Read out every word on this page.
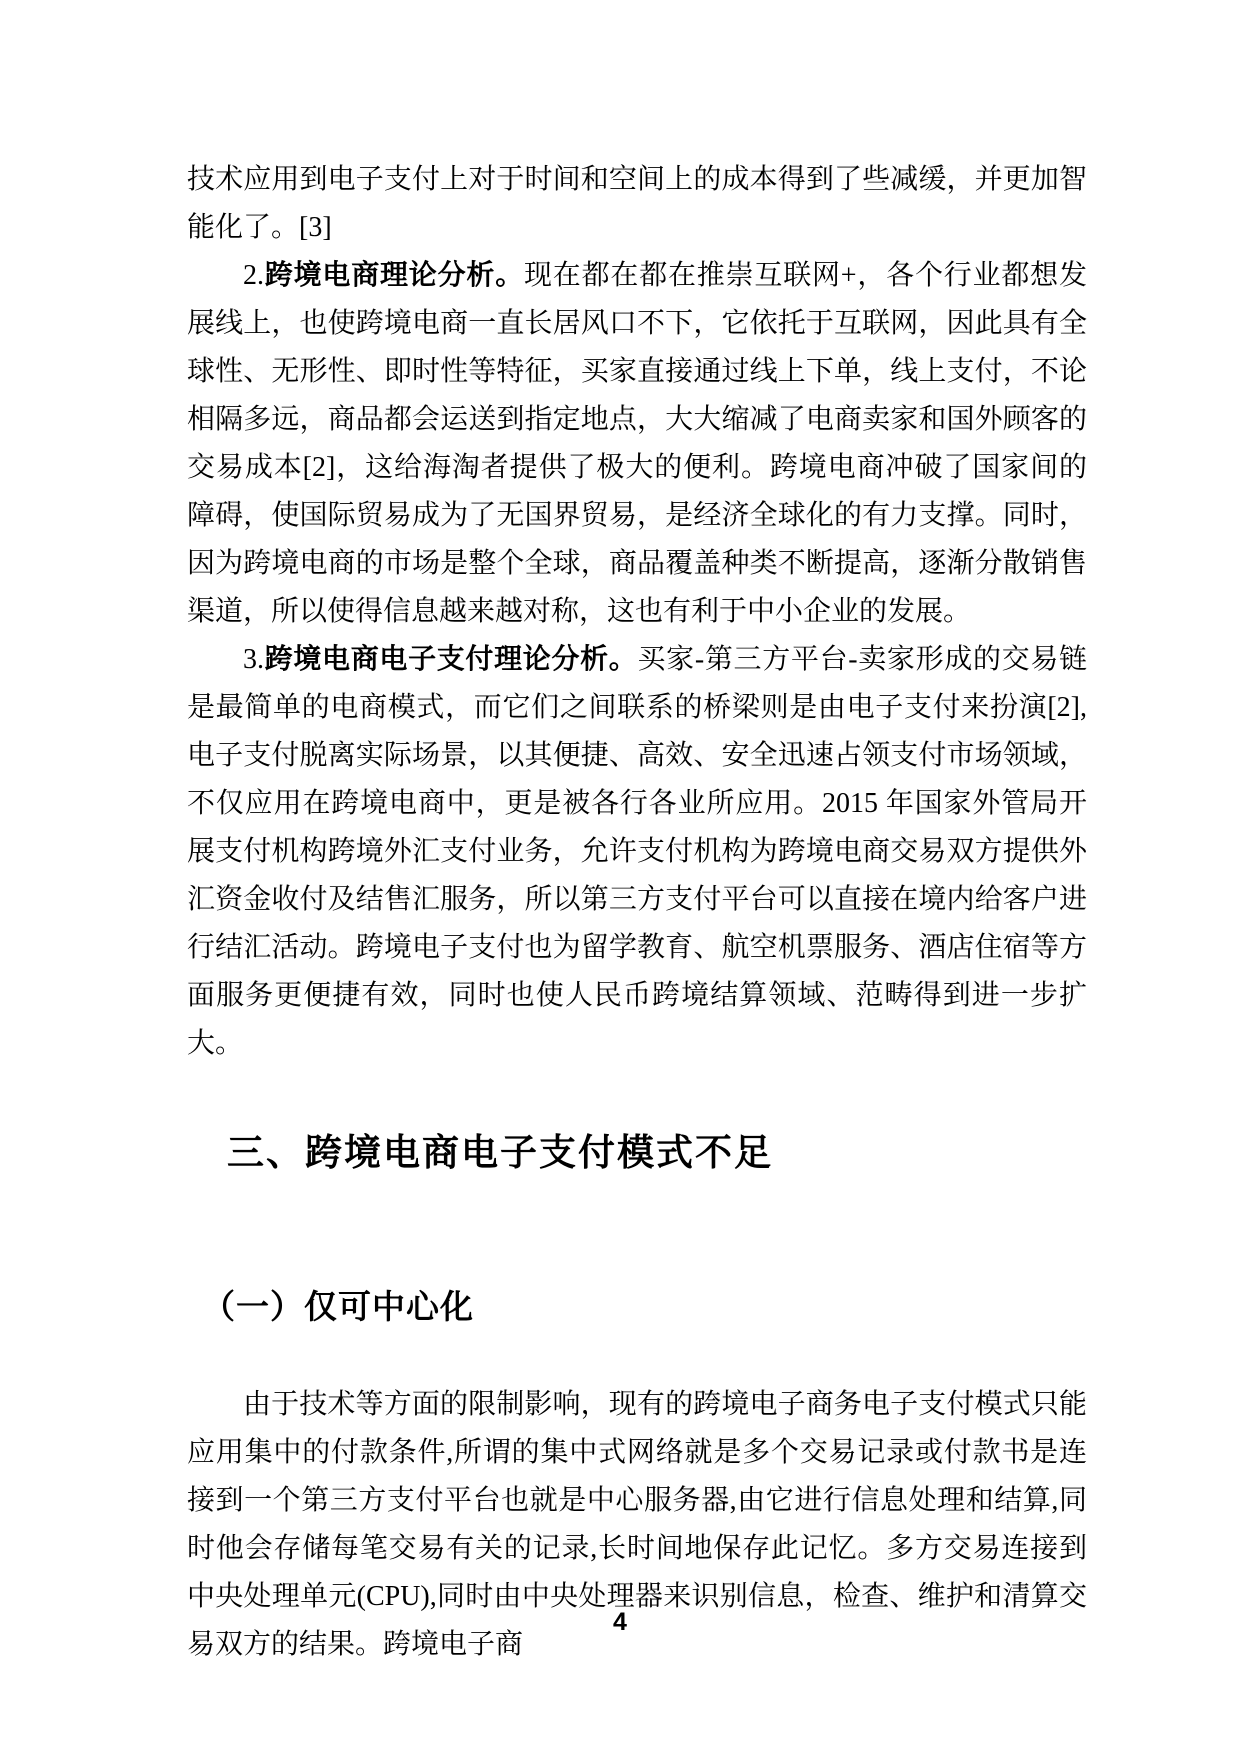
技术应用到电子支付上对于时间和空间上的成本得到了些减缓，并更加智能化了。[3]

2.跨境电商理论分析。现在都在都在推崇互联网+，各个行业都想发展线上，也使跨境电商一直长居风口不下，它依托于互联网，因此具有全球性、无形性、即时性等特征，买家直接通过线上下单，线上支付，不论相隔多远，商品都会运送到指定地点，大大缩减了电商卖家和国外顾客的交易成本[2]，这给海淘者提供了极大的便利。跨境电商冲破了国家间的障碍，使国际贸易成为了无国界贸易，是经济全球化的有力支撑。同时，因为跨境电商的市场是整个全球，商品覆盖种类不断提高，逐渐分散销售渠道，所以使得信息越来越对称，这也有利于中小企业的发展。

3.跨境电商电子支付理论分析。买家-第三方平台-卖家形成的交易链是最简单的电商模式，而它们之间联系的桥梁则是由电子支付来扮演[2],电子支付脱离实际场景，以其便捷、高效、安全迅速占领支付市场领域，不仅应用在跨境电商中，更是被各行各业所应用。2015 年国家外管局开展支付机构跨境外汇支付业务，允许支付机构为跨境电商交易双方提供外汇资金收付及结售汇服务，所以第三方支付平台可以直接在境内给客户进行结汇活动。跨境电子支付也为留学教育、航空机票服务、酒店住宿等方面服务更便捷有效，同时也使人民币跨境结算领域、范畴得到进一步扩大。

三、跨境电商电子支付模式不足
（一）仅可中心化

由于技术等方面的限制影响，现有的跨境电子商务电子支付模式只能应用集中的付款条件,所谓的集中式网络就是多个交易记录或付款书是连接到一个第三方支付平台也就是中心服务器,由它进行信息处理和结算,同时他会存储每笔交易有关的记录,长时间地保存此记忆。多方交易连接到中央处理单元(CPU),同时由中央处理器来识别信息，检查、维护和清算交易双方的结果。跨境电子商

4
